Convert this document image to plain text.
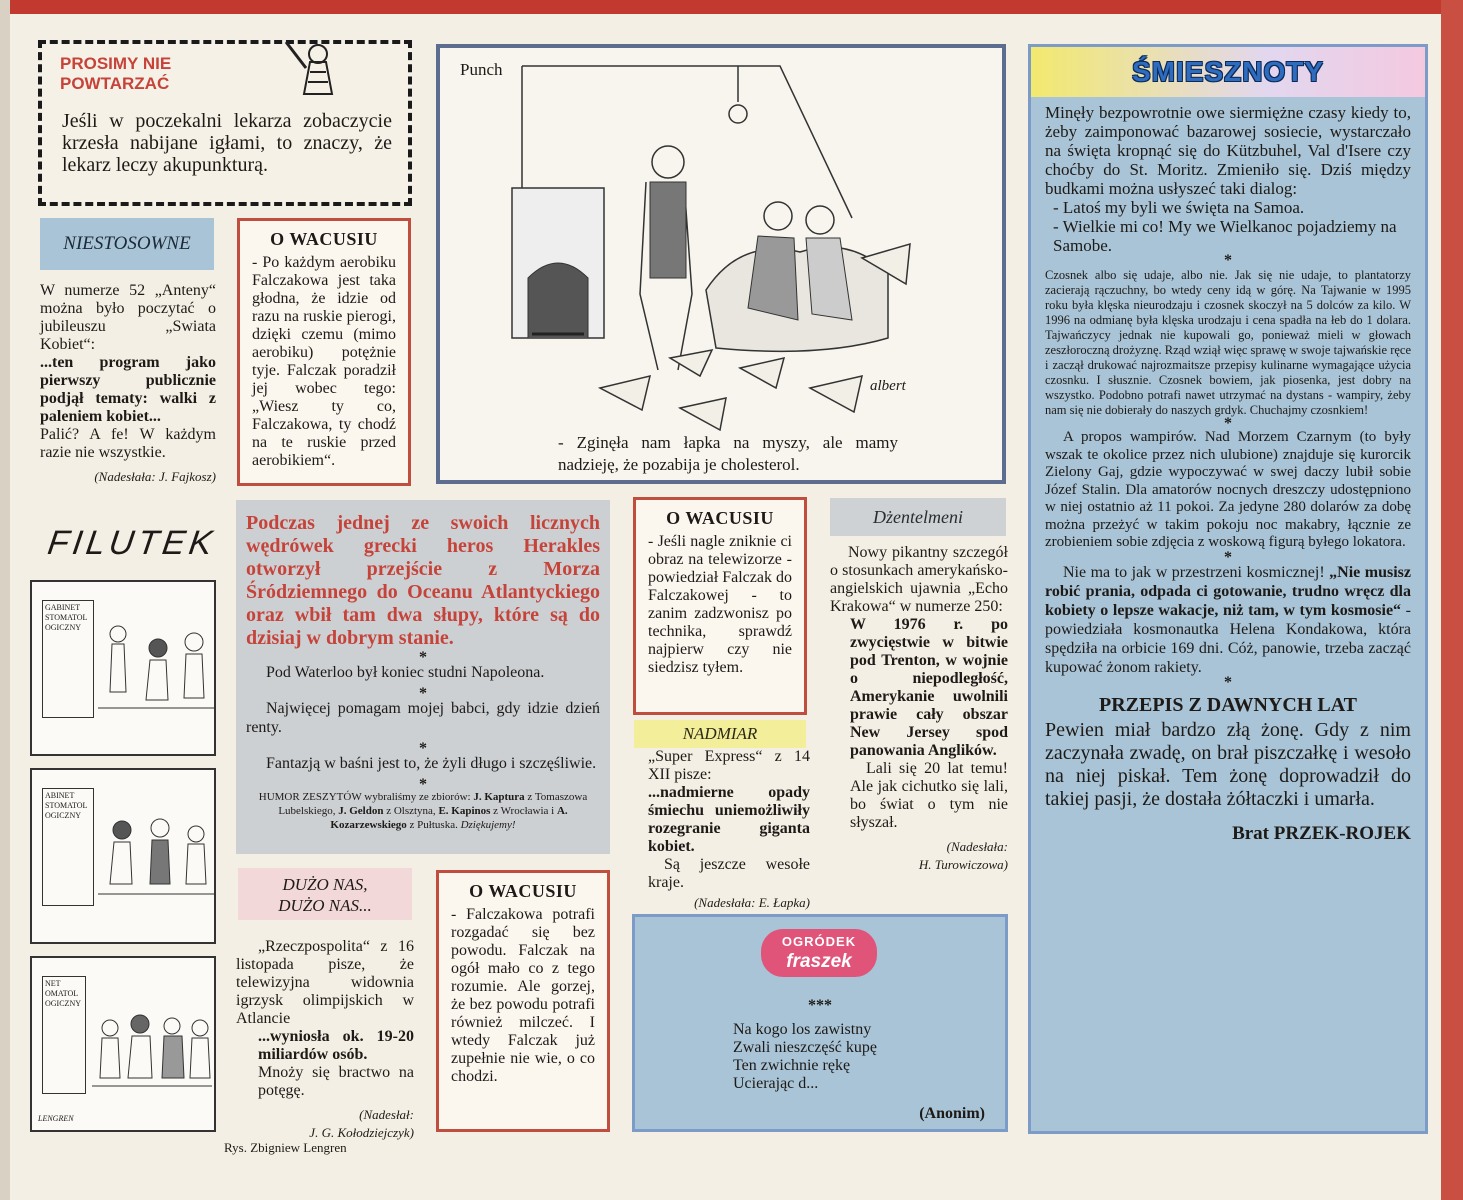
PROSIMY NIE
POWTARZAĆ

Jeśli w poczekalni lekarza zobaczycie krzesła nabijane igłami, to znaczy, że lekarz leczy akupunkturą.

NIESTOSOWNE

W numerze 52 „Anteny“ można było poczytać o jubileuszu „Swiata Kobiet“:

...ten program jako pierwszy publicznie podjął tematy: walki z paleniem kobiet...

Palić? A fe! W każdym razie nie wszystkie.

(Nadesłała: J. Fajkosz)

O WACUSIU

- Po każdym aerobiku Falczakowa jest taka głodna, że idzie od razu na ruskie pierogi, dzięki czemu (mimo aerobiku) potężnie tyje. Falczak poradził jej wobec tego: „Wiesz ty co, Falczakowa, ty chodź na te ruskie przed aerobikiem“.

Punch
albert

- Zginęła nam łapka na myszy, ale mamy nadzieję, że pozabija je cholesterol.

ŚMIESZNOTY

Minęły bezpowrotnie owe siermiężne czasy kiedy to, żeby zaimponować bazarowej sosiecie, wystarczało na święta kropnąć się do Kützbuhel, Val d'Isere czy choćby do St. Moritz. Zmieniło się. Dziś między budkami można usłyszeć taki dialog:

- Latoś my byli we święta na Samoa.

- Wielkie mi co! My we Wielkanoc pojadziemy na Samobe.

*

Czosnek albo się udaje, albo nie. Jak się nie udaje, to plantatorzy zacierają rączuchny, bo wtedy ceny idą w górę. Na Tajwanie w 1995 roku była klęska nieurodzaju i czosnek skoczył na 5 dolców za kilo. W 1996 na odmianę była klęska urodzaju i cena spadła na łeb do 1 dolara. Tajwańczycy jednak nie kupowali go, ponieważ mieli w głowach zeszłoroczną drożyznę. Rząd wziął więc sprawę w swoje tajwańskie ręce i zaczął drukować najrozmaitsze przepisy kulinarne wymagające użycia czosnku. I słusznie. Czosnek bowiem, jak piosenka, jest dobry na wszystko. Podobno potrafi nawet utrzymać na dystans - wampiry, żeby nam się nie dobierały do naszych grdyk. Chuchajmy czosnkiem!

*

A propos wampirów. Nad Morzem Czarnym (to były wszak te okolice przez nich ulubione) znajduje się kurorcik Zielony Gaj, gdzie wypoczywać w swej daczy lubił sobie Józef Stalin. Dla amatorów nocnych dreszczy udostępniono w niej ostatnio aż 11 pokoi. Za jedyne 280 dolarów za dobę można przeżyć w takim pokoju noc makabry, łącznie ze zrobieniem sobie zdjęcia z woskową figurą byłego lokatora.

*

Nie ma to jak w przestrzeni kosmicznej! „Nie musisz robić prania, odpada ci gotowanie, trudno wręcz dla kobiety o lepsze wakacje, niż tam, w tym kosmosie“ - powiedziała kosmonautka Helena Kondakowa, która spędziła na orbicie 169 dni. Cóż, panowie, trzeba zacząć kupować żonom rakiety.

*

PRZEPIS Z DAWNYCH LAT

Pewien miał bardzo złą żonę. Gdy z nim zaczynała zwadę, on brał piszczałkę i wesoło na niej piskał. Tem żonę doprowadził do takiej pasji, że dostała żółtaczki i umarła.

Brat PRZEK-ROJEK
FILUTEK
GABINET STOMATOLOGICZNY
ABINET STOMATOLOGICZNY
NET OMATOLOGICZNY
LENGREN
Rys. Zbigniew Lengren

Podczas jednej ze swoich licznych wędrówek grecki heros Herakles otworzył przejście z Morza Śródziemnego do Oceanu Atlantyckiego oraz wbił tam dwa słupy, które są do dzisiaj w dobrym stanie.

*

Pod Waterloo był koniec studni Napoleona.

*

Najwięcej pomagam mojej babci, gdy idzie dzień renty.

*

Fantazją w baśni jest to, że żyli długo i szczęśliwie.

*

HUMOR ZESZYTÓW wybraliśmy ze zbiorów: J. Kaptura z Tomaszowa Lubelskiego, J. Geldon z Olsztyna, E. Kapinos z Wrocławia i A. Kozarzewskiego z Pułtuska. Dziękujemy!

O WACUSIU

- Jeśli nagle zniknie ci obraz na telewizorze - powiedział Falczak do Falczakowej - to zanim zadzwonisz po technika, sprawdź najpierw czy nie siedzisz tyłem.

NADMIAR

„Super Express“ z 14 XII pisze:

...nadmierne opady śmiechu uniemożliwiły rozegranie giganta kobiet.

Są jeszcze wesołe kraje.

(Nadesłała: E. Łapka)

Dżentelmeni

Nowy pikantny szczegół o stosunkach amerykańsko-angielskich ujawnia „Echo Krakowa“ w numerze 250:

W 1976 r. po zwycięstwie w bitwie pod Trenton, w wojnie o niepodległość, Amerykanie uwolnili prawie cały obszar New Jersey spod panowania Anglików.

Lali się 20 lat temu! Ale jak cichutko się lali, bo świat o tym nie słyszał.

(Nadesłała:

H. Turowiczowa)

DUŻO NAS,
DUŻO NAS...

„Rzeczpospolita“ z 16 listopada pisze, że telewizyjna widownia igrzysk olimpijskich w Atlancie

...wyniosła ok. 19-20 miliardów osób.

Mnoży się bractwo na potęgę.

(Nadesłał:

J. G. Kołodziejczyk)

O WACUSIU

- Falczakowa potrafi rozgadać się bez powodu. Falczak na ogół mało co z tego rozumie. Ale gorzej, że bez powodu potrafi również milczeć. I wtedy Falczak już zupełnie nie wie, o co chodzi.

OGRÓDEK
fraszek
***
Na kogo los zawistny
Zwali nieszczęść kupę
Ten zwichnie rękę
Ucierając d...
(Anonim)
